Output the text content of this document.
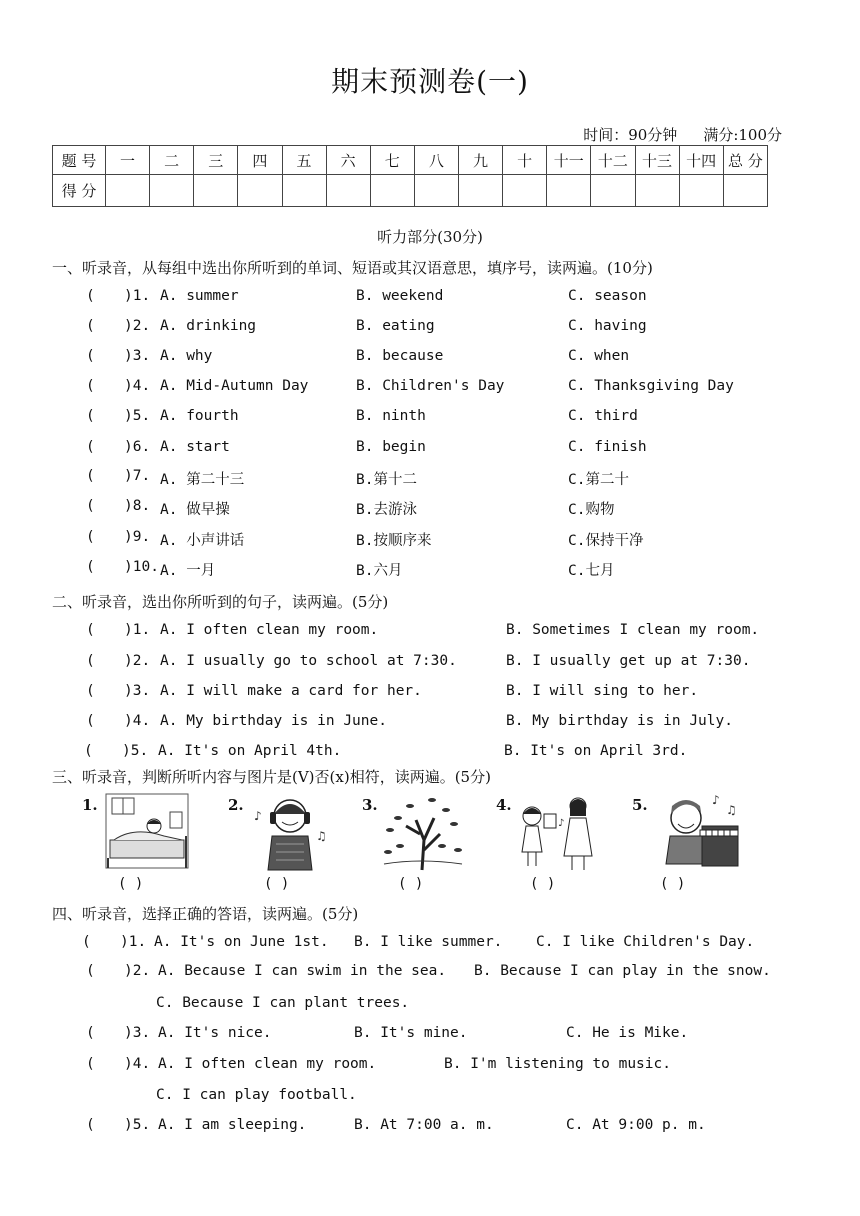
期末预测卷(一)
时间：90分钟 满分:100分
题 号	一	二	三	四	五	六	七	八	九	十	十一	十二	十三	十四	总 分
得 分															
听力部分(30分)
一、听录音，从每组中选出你所听到的单词、短语或其汉语意思，填序号，读两遍。(10分)
( )1. A. summer	B. weekend	C. season
( )2. A. drinking	B. eating	C. having
( )3. A. why	B. because	C. when
( )4. A. Mid-Autumn Day	B. Children's Day	C. Thanksgiving Day
( )5. A. fourth	B. ninth	C. third
( )6. A. start	B. begin	C. finish
( )7. A. 第二十三	B.第十二	C.第二十
( )8. A. 做早操	B.去游泳	C.购物
( )9. A. 小声讲话	B.按顺序来	C.保持干净
( )10. A. 一月	B.六月	C.七月
二、听录音，选出你所听到的句子，读两遍。(5分)
( )1. A. I often clean my room.	B. Sometimes I clean my room.
( )2. A. I usually go to school at 7:30.	B. I usually get up at 7:30.
( )3. A. I will make a card for her.	B. I will sing to her.
( )4. A. My birthday is in June.	B. My birthday is in July.
( )5. A. It's on April 4th.	B. It's on April 3rd.
三、听录音，判断所听内容与图片是(V)否(x)相符，读两遍。(5分)
1.
( )
2.
♪
♫
( )
3.
( )
4.
♪
( )
5.	♪
♫
( )
四、听录音，选择正确的答语，读两遍。(5分)
( )1. A. It's on June 1st. B. I like summer. C. I like Children's Day.
( )2. A. Because I can swim in the sea. B. Because I can play in the snow.
C. Because I can plant trees.
( )3. A. It's nice.	B. It's mine.	C. He is Mike.
( )4. A. I often clean my room.	B. I'm listening to music.
C. I can play football.
( )5. A. I am sleeping.	B. At 7:00 a. m.	C. At 9:00 p. m.
